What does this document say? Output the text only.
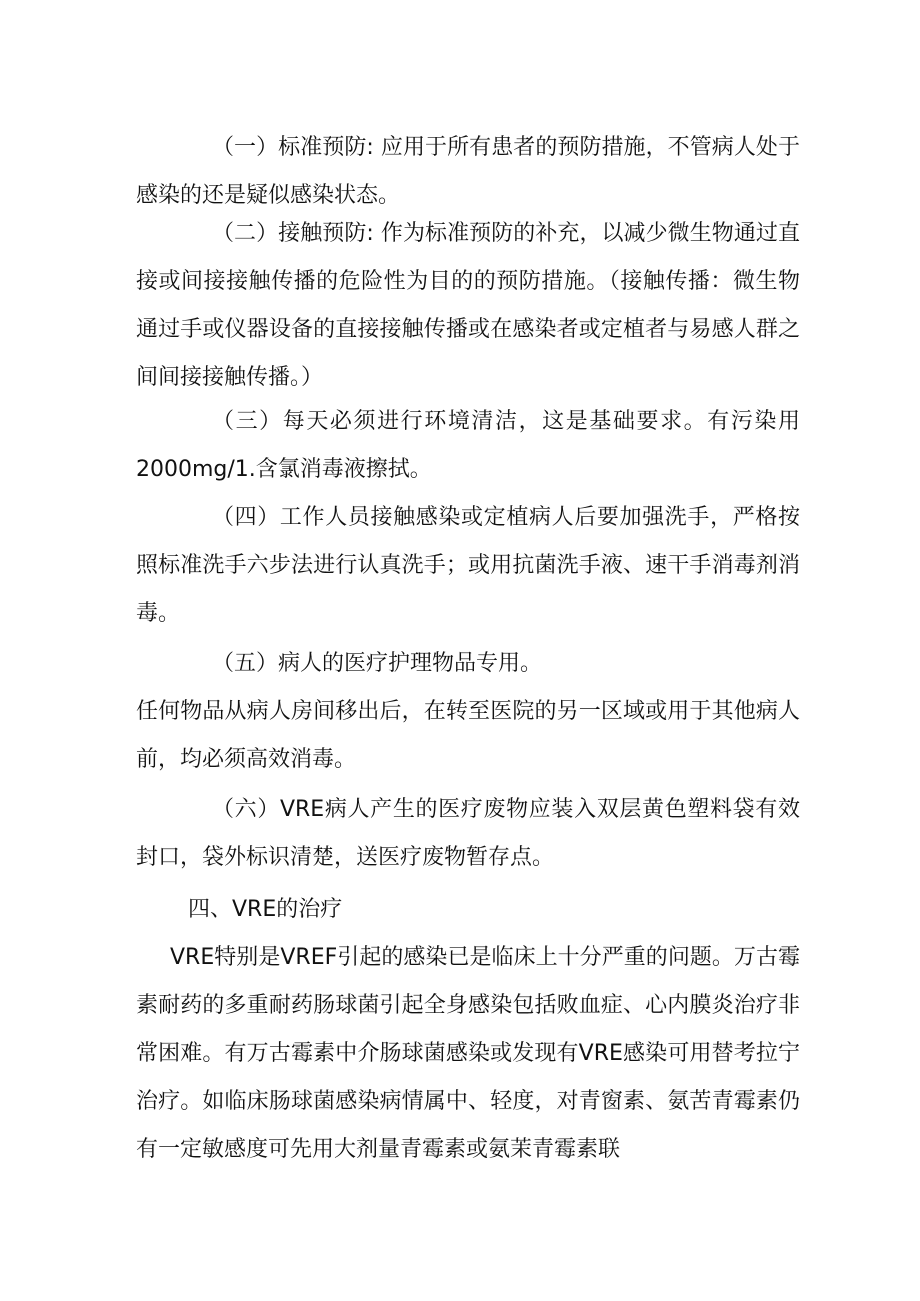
（一）标准预防: 应用于所有患者的预防措施，不管病人处于感染的还是疑似感染状态。

（二）接触预防: 作为标准预防的补充，以减少微生物通过直接或间接接触传播的危险性为目的的预防措施。（接触传播：微生物通过手或仪器设备的直接接触传播或在感染者或定植者与易感人群之间间接接触传播。）

（三）每天必须进行环境清洁，这是基础要求。有污染用2000mg/1.含氯消毒液擦拭。

（四）工作人员接触感染或定植病人后要加强洗手，严格按照标准洗手六步法进行认真洗手；或用抗菌洗手液、速干手消毒剂消毒。

（五）病人的医疗护理物品专用。

任何物品从病人房间移出后，在转至医院的另一区域或用于其他病人前，均必须高效消毒。

（六）VRE病人产生的医疗废物应装入双层黄色塑料袋有效封口，袋外标识清楚，送医疗废物暂存点。

四、VRE的治疗

VRE特别是VREF引起的感染已是临床上十分严重的问题。万古霉素耐药的多重耐药肠球菌引起全身感染包括败血症、心内膜炎治疗非常困难。有万古霉素中介肠球菌感染或发现有VRE感染可用替考拉宁治疗。如临床肠球菌感染病情属中、轻度，对青窗素、氨苦青霉素仍有一定敏感度可先用大剂量青霉素或氨茉青霉素联
